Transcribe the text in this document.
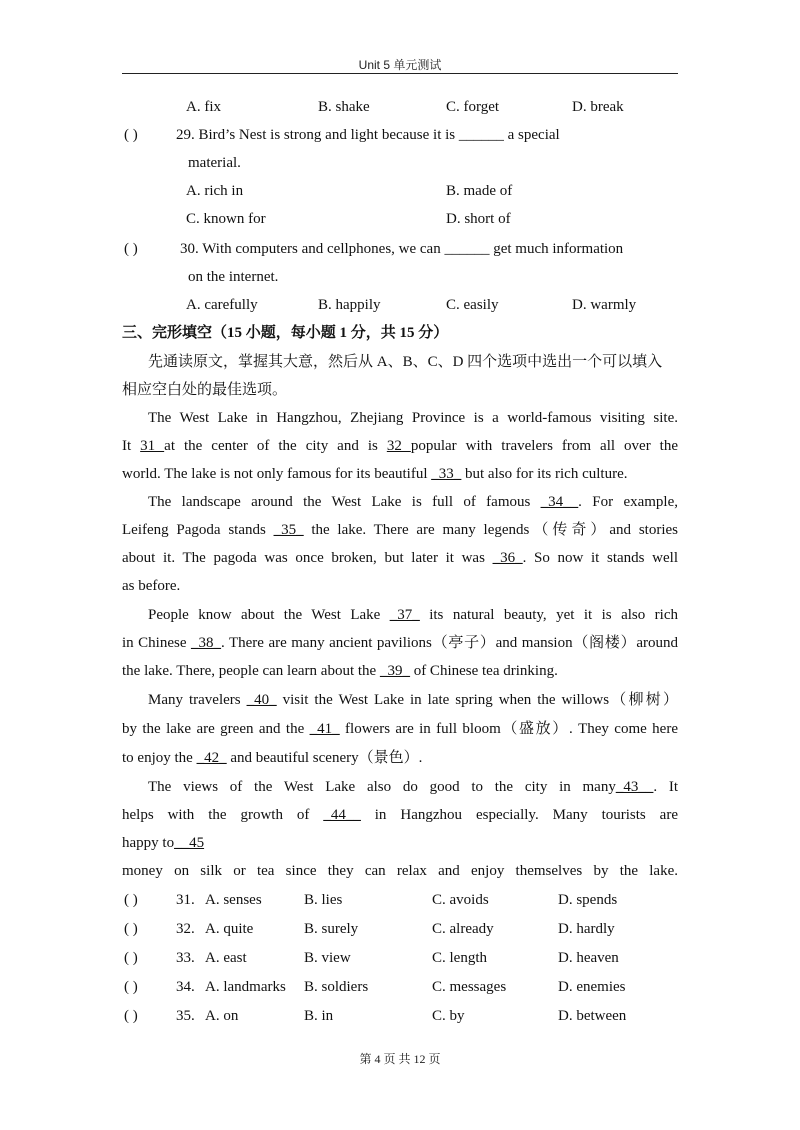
Unit 5 单元测试
A. fix	B. shake	C. forget	D. break
( )	29. Bird’s Nest is strong and light because it is ______ a special
material.
A. rich in	B. made of
C. known for	D. short of
( )	30. With computers and cellphones, we can ______ get much information
on the internet.
A. carefully	B. happily	C. easily	D. warmly
三、完形填空（15 小题，每小题 1 分，共 15 分）
先通读原文，掌握其大意，然后从 A、B、C、D 四个选项中选出一个可以填入
相应空白处的最佳选项。
The West Lake in Hangzhou, Zhejiang Province is a world-famous visiting site.
It 31 at the center of the city and is 32 popular with travelers from all over the
world. The lake is not only famous for its beautiful _33_ but also for its rich culture.
The landscape around the West Lake is full of famous _34__. For example,
Leifeng Pagoda stands _35_ the lake. There are many legends（传奇）and stories
about it. The pagoda was once broken, but later it was _36_. So now it stands well
as before.
People know about the West Lake _37_ its natural beauty, yet it is also rich
in Chinese _38_. There are many ancient pavilions（亭子）and mansion（阁楼）around
the lake. There, people can learn about the _39_ of Chinese tea drinking.
Many travelers _40_ visit the West Lake in late spring when the willows（柳树）
by the lake are green and the _41_ flowers are in full bloom（盛放）. They come here
to enjoy the _42_ and beautiful scenery（景色）.
The views of the West Lake also do good to the city in many_43__. It
helps with the growth of _44__ in Hangzhou especially. Many tourists are
happy to__45
money on silk or tea since they can relax and enjoy themselves by the lake.
( )	31. A. senses	B. lies	C. avoids	D. spends
( )	32. A. quite	B. surely	C. already	D. hardly
( )	33. A. east	B. view	C. length	D. heaven
( )	34. A. landmarks B. soldiers	C. messages	D. enemies
( )	35. A. on	B. in	C. by	D. between
第 4 页 共 12 页
